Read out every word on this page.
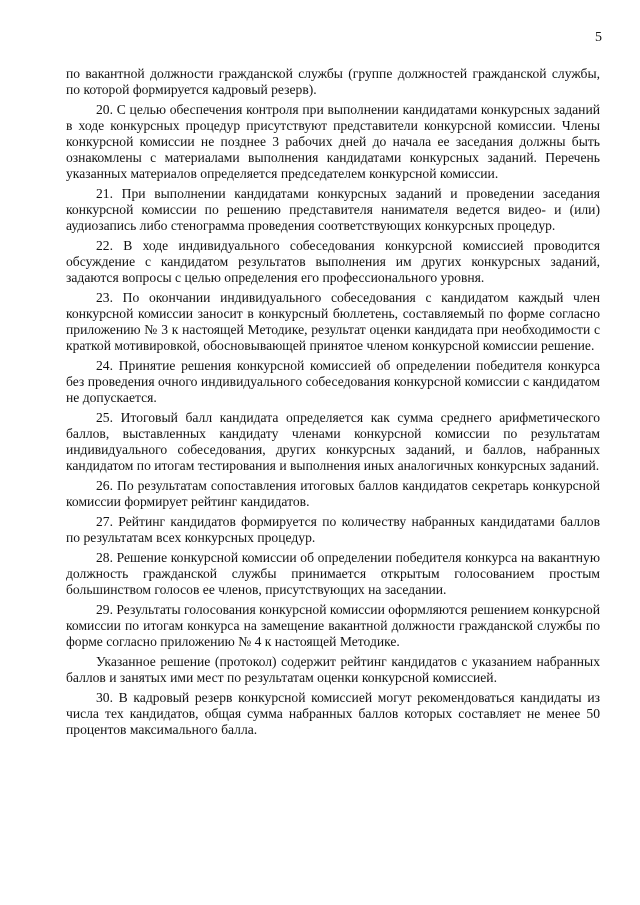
5

по вакантной должности гражданской службы (группе должностей гражданской службы, по которой формируется кадровый резерв).

20. С целью обеспечения контроля при выполнении кандидатами конкурсных заданий в ходе конкурсных процедур присутствуют представители конкурсной комиссии. Члены конкурсной комиссии не позднее 3 рабочих дней до начала ее заседания должны быть ознакомлены с материалами выполнения кандидатами конкурсных заданий. Перечень указанных материалов определяется председателем конкурсной комиссии.

21. При выполнении кандидатами конкурсных заданий и проведении заседания конкурсной комиссии по решению представителя нанимателя ведется видео- и (или) аудиозапись либо стенограмма проведения соответствующих конкурсных процедур.

22. В ходе индивидуального собеседования конкурсной комиссией проводится обсуждение с кандидатом результатов выполнения им других конкурсных заданий, задаются вопросы с целью определения его профессионального уровня.

23. По окончании индивидуального собеседования с кандидатом каждый член конкурсной комиссии заносит в конкурсный бюллетень, составляемый по форме согласно приложению № 3 к настоящей Методике, результат оценки кандидата при необходимости с краткой мотивировкой, обосновывающей принятое членом конкурсной комиссии решение.

24. Принятие решения конкурсной комиссией об определении победителя конкурса без проведения очного индивидуального собеседования конкурсной комиссии с кандидатом не допускается.

25. Итоговый балл кандидата определяется как сумма среднего арифметического баллов, выставленных кандидату членами конкурсной комиссии по результатам индивидуального собеседования, других конкурсных заданий, и баллов, набранных кандидатом по итогам тестирования и выполнения иных аналогичных конкурсных заданий.

26. По результатам сопоставления итоговых баллов кандидатов секретарь конкурсной комиссии формирует рейтинг кандидатов.

27. Рейтинг кандидатов формируется по количеству набранных кандидатами баллов по результатам всех конкурсных процедур.

28. Решение конкурсной комиссии об определении победителя конкурса на вакантную должность гражданской службы принимается открытым голосованием простым большинством голосов ее членов, присутствующих на заседании.

29. Результаты голосования конкурсной комиссии оформляются решением конкурсной комиссии по итогам конкурса на замещение вакантной должности гражданской службы по форме согласно приложению № 4 к настоящей Методике.

Указанное решение (протокол) содержит рейтинг кандидатов с указанием набранных баллов и занятых ими мест по результатам оценки конкурсной комиссией.

30. В кадровый резерв конкурсной комиссией могут рекомендоваться кандидаты из числа тех кандидатов, общая сумма набранных баллов которых составляет не менее 50 процентов максимального балла.
